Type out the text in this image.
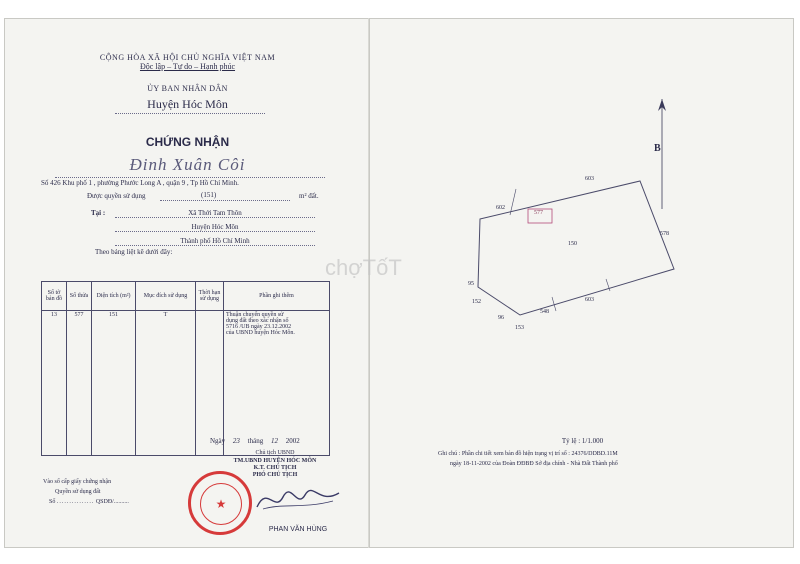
CỘNG HÒA XÃ HỘI CHỦ NGHĨA VIỆT NAM
Độc lập – Tự do – Hạnh phúc
ỦY BAN NHÂN DÂN
Huyện Hóc Môn
CHỨNG NHẬN
Đinh Xuân Côi
Số 426 Khu phố 1 , phường Phước Long A , quận 9 , Tp Hồ Chí Minh.
Được quyền sử dụng	(151)	m² đất.
Tại :	Xã Thới Tam Thôn
Huyện Hóc Môn
Thành phố Hồ Chí Minh
Theo bảng liệt kê dưới đây:
Số tờ bản đồ	Số thửa	Diện tích (m²)	Mục đích sử dụng	Thời hạn sử dụng	Phần ghi thêm
13	577	151	T		Thuận chuyển quyền sử
dụng đất theo xác nhận số
5716 /UB ngày 23.12.2002
của UBND huyện Hóc Môn.
Ngày 23 tháng 12 2002
Chủ tịch UBND
TM.UBND HUYỆN HÓC MÔN
K.T. CHỦ TỊCH
PHÓ CHỦ TỊCH
★
PHAN VĂN HÙNG
Vào số cấp giấy chứng nhận
Quyền sử dụng đất
Số ............... QSDĐ/..........
B
577
150
603
602
578
603
548
96
153
152
95
Tỷ lệ : 1/1.000
Ghi chú : Phần chi tiết xem bản đồ hiện trạng vị trí số : 24376/DDBD.11M
ngày 18-11-2002 của Đoàn ĐĐBĐ Sở địa chính - Nhà Đất Thành phố
chợTốT
